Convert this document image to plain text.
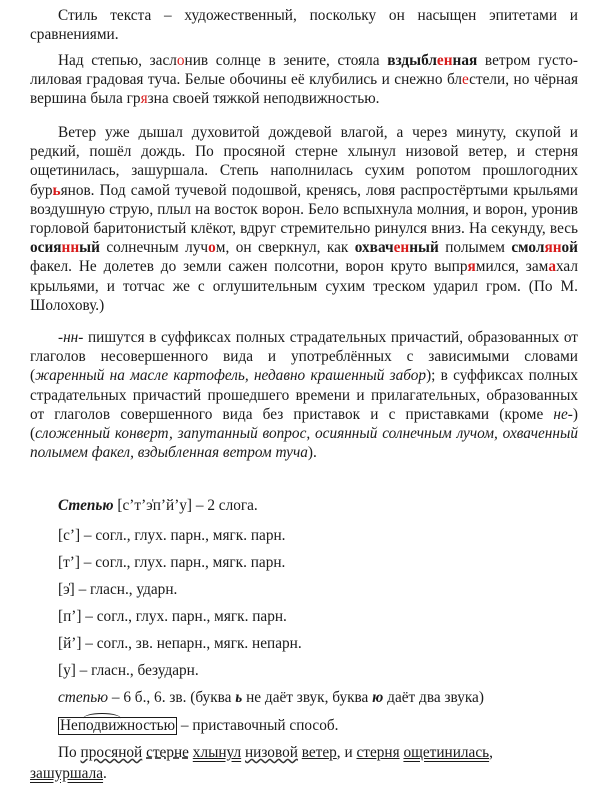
Стиль текста – художественный, поскольку он насыщен эпитетами и сравнениями.
Над степью, заслонив солнце в зените, стояла вздыбленная ветром густо-лиловая градовая туча. Белые обочины её клубились и снежно блестели, но чёрная вершина была грязна своей тяжкой неподвижностью.
Ветер уже дышал духовитой дождевой влагой, а через минуту, скупой и редкий, пошёл дождь. По просяной стерне хлынул низовой ветер, и стерня ощетинилась, зашуршала. Степь наполнилась сухим ропотом прошлогодних бурьянов. Под самой тучевой подошвой, кренясь, ловя распростёртыми крыльями воздушную струю, плыл на восток ворон. Бело вспыхнула молния, и ворон, уронив горловой баритонистый клёкот, вдруг стремительно ринулся вниз. На секунду, весь осиянный солнечным лучом, он сверкнул, как охваченный полымем смоляной факел. Не долетев до земли сажен полсотни, ворон круто выпрямился, замахал крыльями, и тотчас же с оглушительным сухим треском ударил гром. (По М. Шолохову.)
-нн- пишутся в суффиксах полных страдательных причастий, образованных от глаголов несовершенного вида и употреблённых с зависимыми словами (жаренный на масле картофель, недавно крашенный забор); в суффиксах полных страдательных причастий прошедшего времени и прилагательных, образованных от глаголов совершенного вида без приставок и с приставками (кроме не-) (сложенный конверт, запутанный вопрос, осиянный солнечным лучом, охваченный полымем факел, вздыбленная ветром туча).
Степью [с’т’э̍п’й’у] – 2 слога.
[с’] – согл., глух. парн., мягк. парн.
[т’] – согл., глух. парн., мягк. парн.
[э̍] – гласн., ударн.
[п’] – согл., глух. парн., мягк. парн.
[й’] – согл., зв. непарн., мягк. непарн.
[у] – гласн., безударн.
степью – 6 б., 6. зв. (буква ь не даёт звук, буква ю даёт два звука)
Неподвижностью – приставочный способ.
По просяной стерне хлынул низовой ветер, и стерня ощетинилась,
зашуршала.
